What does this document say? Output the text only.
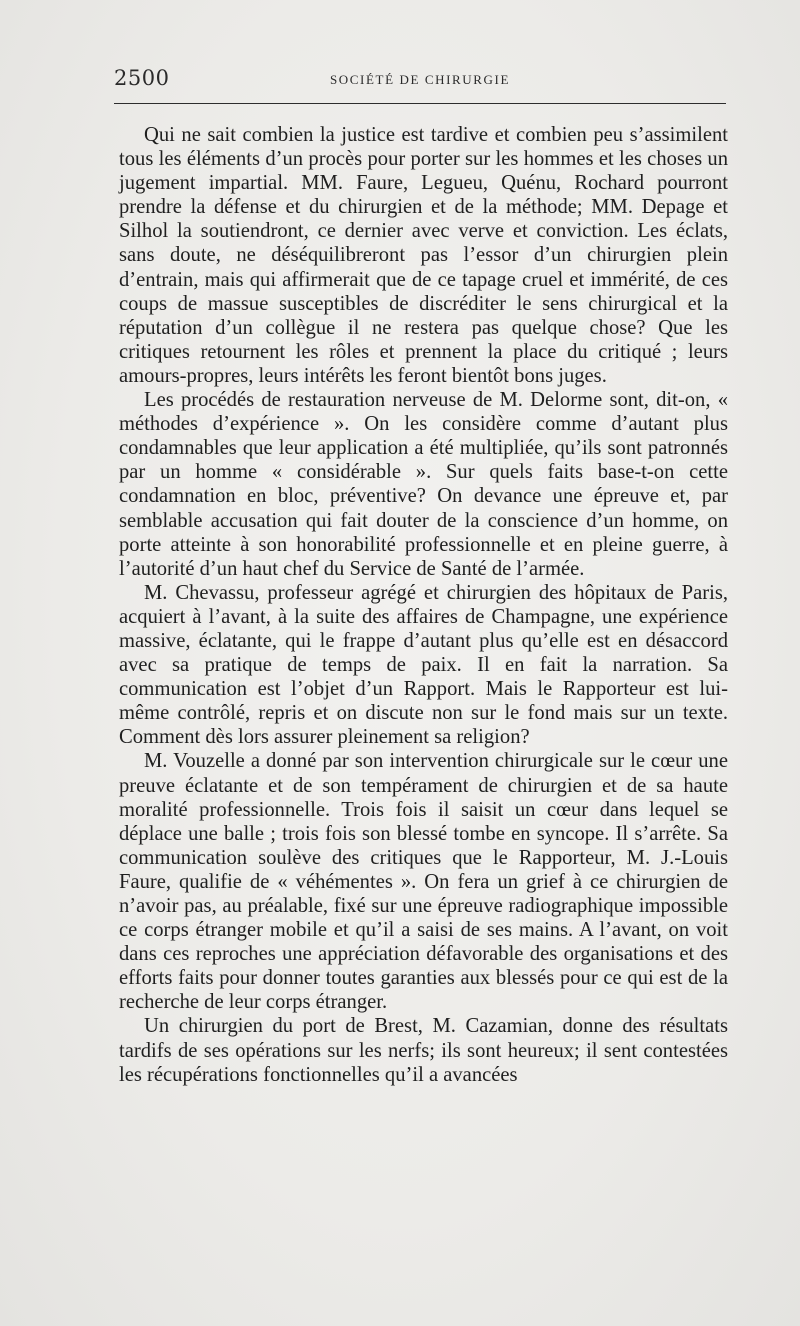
2500	SOCIÉTÉ DE CHIRURGIE

Qui ne sait combien la justice est tardive et combien peu s’assimilent tous les éléments d’un procès pour porter sur les hommes et les choses un jugement impartial. MM. Faure, Legueu, Quénu, Rochard pourront prendre la défense et du chirurgien et de la méthode; MM. Depage et Silhol la soutiendront, ce dernier avec verve et conviction. Les éclats, sans doute, ne déséquilibreront pas l’essor d’un chirurgien plein d’entrain, mais qui affirmerait que de ce tapage cruel et immérité, de ces coups de massue susceptibles de discréditer le sens chirurgical et la réputation d’un collègue il ne restera pas quelque chose? Que les critiques retournent les rôles et prennent la place du critiqué ; leurs amours-propres, leurs intérêts les feront bientôt bons juges.

Les procédés de restauration nerveuse de M. Delorme sont, dit-on, « méthodes d’expérience ». On les considère comme d’autant plus condamnables que leur application a été multipliée, qu’ils sont patronnés par un homme « considérable ». Sur quels faits base-t-on cette condamnation en bloc, préventive? On devance une épreuve et, par semblable accusation qui fait douter de la conscience d’un homme, on porte atteinte à son honorabilité professionnelle et en pleine guerre, à l’autorité d’un haut chef du Service de Santé de l’armée.

M. Chevassu, professeur agrégé et chirurgien des hôpitaux de Paris, acquiert à l’avant, à la suite des affaires de Champagne, une expérience massive, éclatante, qui le frappe d’autant plus qu’elle est en désaccord avec sa pratique de temps de paix. Il en fait la narration. Sa communication est l’objet d’un Rapport. Mais le Rapporteur est lui-même contrôlé, repris et on discute non sur le fond mais sur un texte. Comment dès lors assurer pleinement sa religion?

M. Vouzelle a donné par son intervention chirurgicale sur le cœur une preuve éclatante et de son tempérament de chirurgien et de sa haute moralité professionnelle. Trois fois il saisit un cœur dans lequel se déplace une balle ; trois fois son blessé tombe en syncope. Il s’arrête. Sa communication soulève des critiques que le Rapporteur, M. J.-Louis Faure, qualifie de « véhémentes ». On fera un grief à ce chirurgien de n’avoir pas, au préalable, fixé sur une épreuve radiographique impossible ce corps étranger mobile et qu’il a saisi de ses mains. A l’avant, on voit dans ces reproches une appréciation défavorable des organisations et des efforts faits pour donner toutes garanties aux blessés pour ce qui est de la recherche de leur corps étranger.

Un chirurgien du port de Brest, M. Cazamian, donne des résultats tardifs de ses opérations sur les nerfs; ils sont heureux; il sent contestées les récupérations fonctionnelles qu’il a avancées
